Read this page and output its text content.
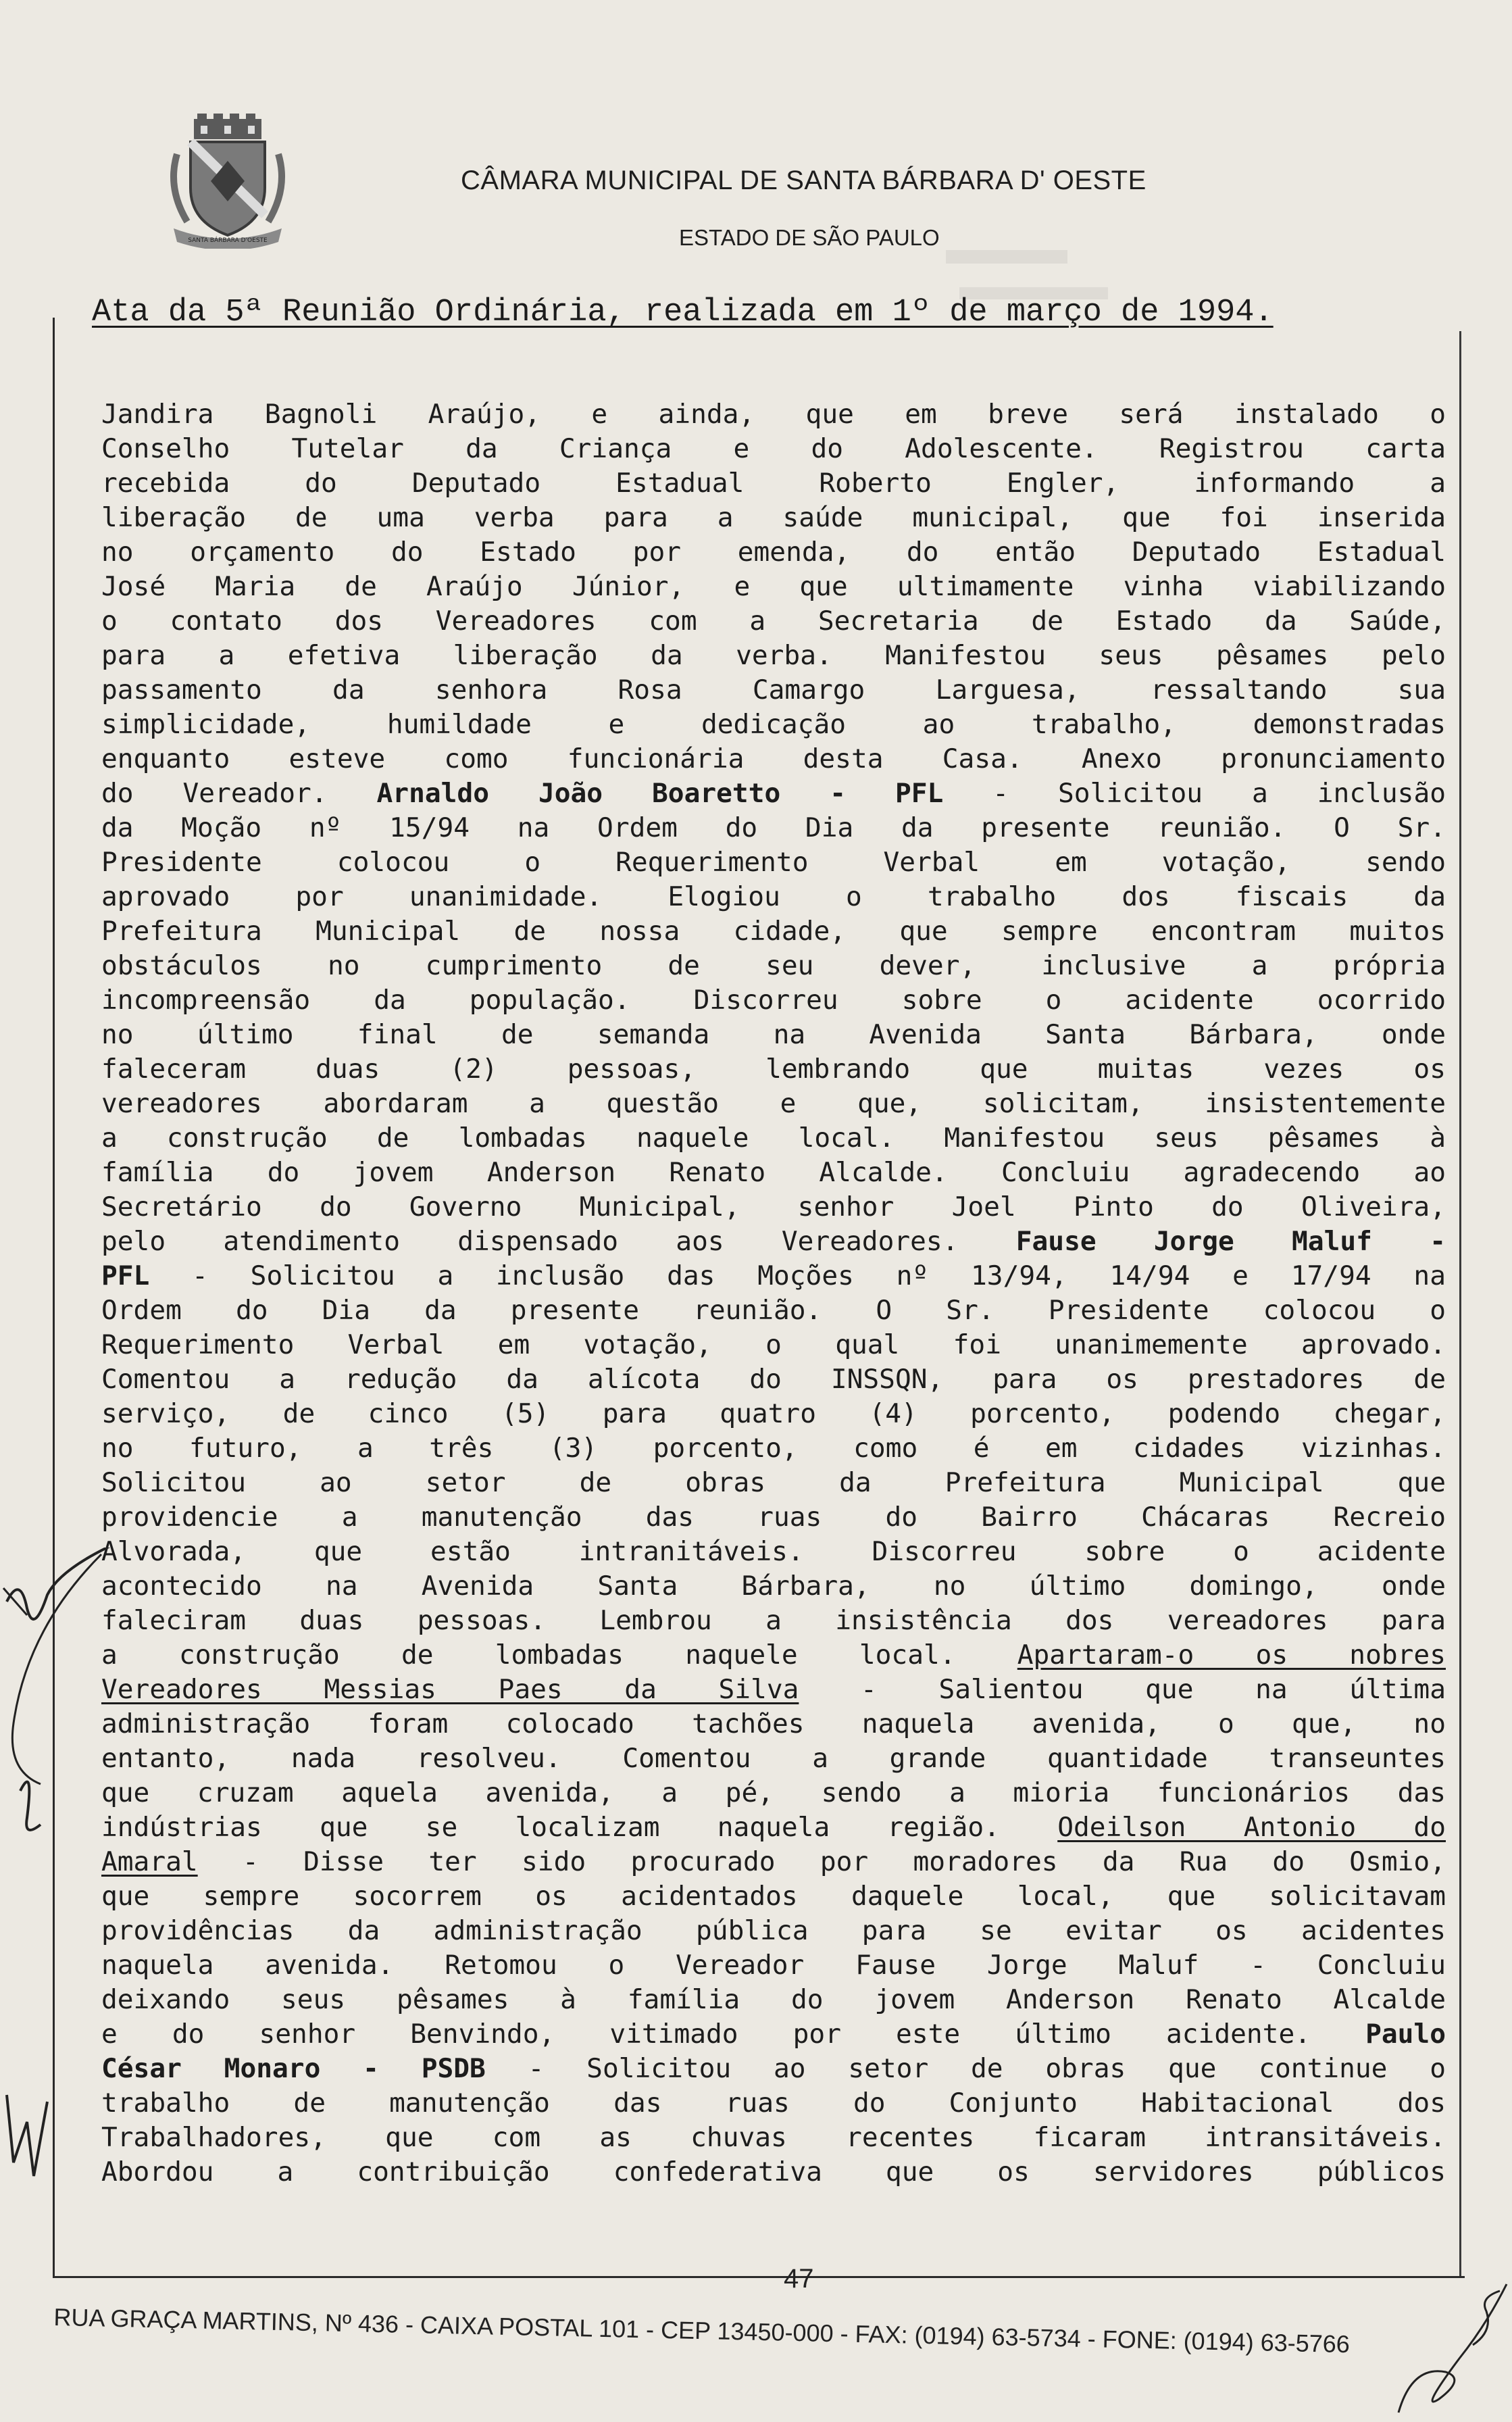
SANTA BÁRBARA D'OESTE
CÂMARA MUNICIPAL DE SANTA BÁRBARA D' OESTE
ESTADO DE SÃO PAULO
Ata da 5ª Reunião Ordinária, realizada em 1º de março de 1994.
Jandira Bagnoli Araújo, e ainda, que em breve será instalado o
Conselho Tutelar da Criança e do Adolescente. Registrou carta
recebida do Deputado Estadual Roberto Engler, informando a
liberação de uma verba para a saúde municipal, que foi inserida
no orçamento do Estado por emenda, do então Deputado Estadual
José Maria de Araújo Júnior, e que ultimamente vinha viabilizando
o contato dos Vereadores com a Secretaria de Estado da Saúde,
para a efetiva liberação da verba. Manifestou seus pêsames pelo
passamento da senhora Rosa Camargo Larguesa, ressaltando sua
simplicidade, humildade e dedicação ao trabalho, demonstradas
enquanto esteve como funcionária desta Casa. Anexo pronunciamento
do Vereador. Arnaldo João Boaretto - PFL - Solicitou a inclusão
da Moção nº 15/94 na Ordem do Dia da presente reunião. O Sr.
Presidente colocou o Requerimento Verbal em votação, sendo
aprovado por unanimidade. Elogiou o trabalho dos fiscais da
Prefeitura Municipal de nossa cidade, que sempre encontram muitos
obstáculos no cumprimento de seu dever, inclusive a própria
incompreensão da população. Discorreu sobre o acidente ocorrido
no último final de semanda na Avenida Santa Bárbara, onde
faleceram duas (2) pessoas, lembrando que muitas vezes os
vereadores abordaram a questão e que, solicitam, insistentemente
a construção de lombadas naquele local. Manifestou seus pêsames à
família do jovem Anderson Renato Alcalde. Concluiu agradecendo ao
Secretário do Governo Municipal, senhor Joel Pinto do Oliveira,
pelo atendimento dispensado aos Vereadores. Fause Jorge Maluf -
PFL - Solicitou a inclusão das Moções nº 13/94, 14/94 e 17/94 na
Ordem do Dia da presente reunião. O Sr. Presidente colocou o
Requerimento Verbal em votação, o qual foi unanimemente aprovado.
Comentou a redução da alícota do INSSQN, para os prestadores de
serviço, de cinco (5) para quatro (4) porcento, podendo chegar,
no futuro, a três (3) porcento, como é em cidades vizinhas.
Solicitou ao setor de obras da Prefeitura Municipal que
providencie a manutenção das ruas do Bairro Chácaras Recreio
Alvorada, que estão intranitáveis. Discorreu sobre o acidente
acontecido na Avenida Santa Bárbara, no último domingo, onde
faleciram duas pessoas. Lembrou a insistência dos vereadores para
a construção de lombadas naquele local. Apartaram-o os nobres
Vereadores Messias Paes da Silva - Salientou que na última
administração foram colocado tachões naquela avenida, o que, no
entanto, nada resolveu. Comentou a grande quantidade transeuntes
que cruzam aquela avenida, a pé, sendo a mioria funcionários das
indústrias que se localizam naquela região. Odeilson Antonio do
Amaral - Disse ter sido procurado por moradores da Rua do Osmio,
que sempre socorrem os acidentados daquele local, que solicitavam
providências da administração pública para se evitar os acidentes
naquela avenida. Retomou o Vereador Fause Jorge Maluf - Concluiu
deixando seus pêsames à família do jovem Anderson Renato Alcalde
e do senhor Benvindo, vitimado por este último acidente. Paulo
César Monaro - PSDB - Solicitou ao setor de obras que continue o
trabalho de manutenção das ruas do Conjunto Habitacional dos
Trabalhadores, que com as chuvas recentes ficaram intransitáveis.
Abordou a contribuição confederativa que os servidores públicos
47
RUA GRAÇA MARTINS, Nº 436 - CAIXA POSTAL 101 - CEP 13450-000 - FAX: (0194) 63-5734 - FONE: (0194) 63-5766
